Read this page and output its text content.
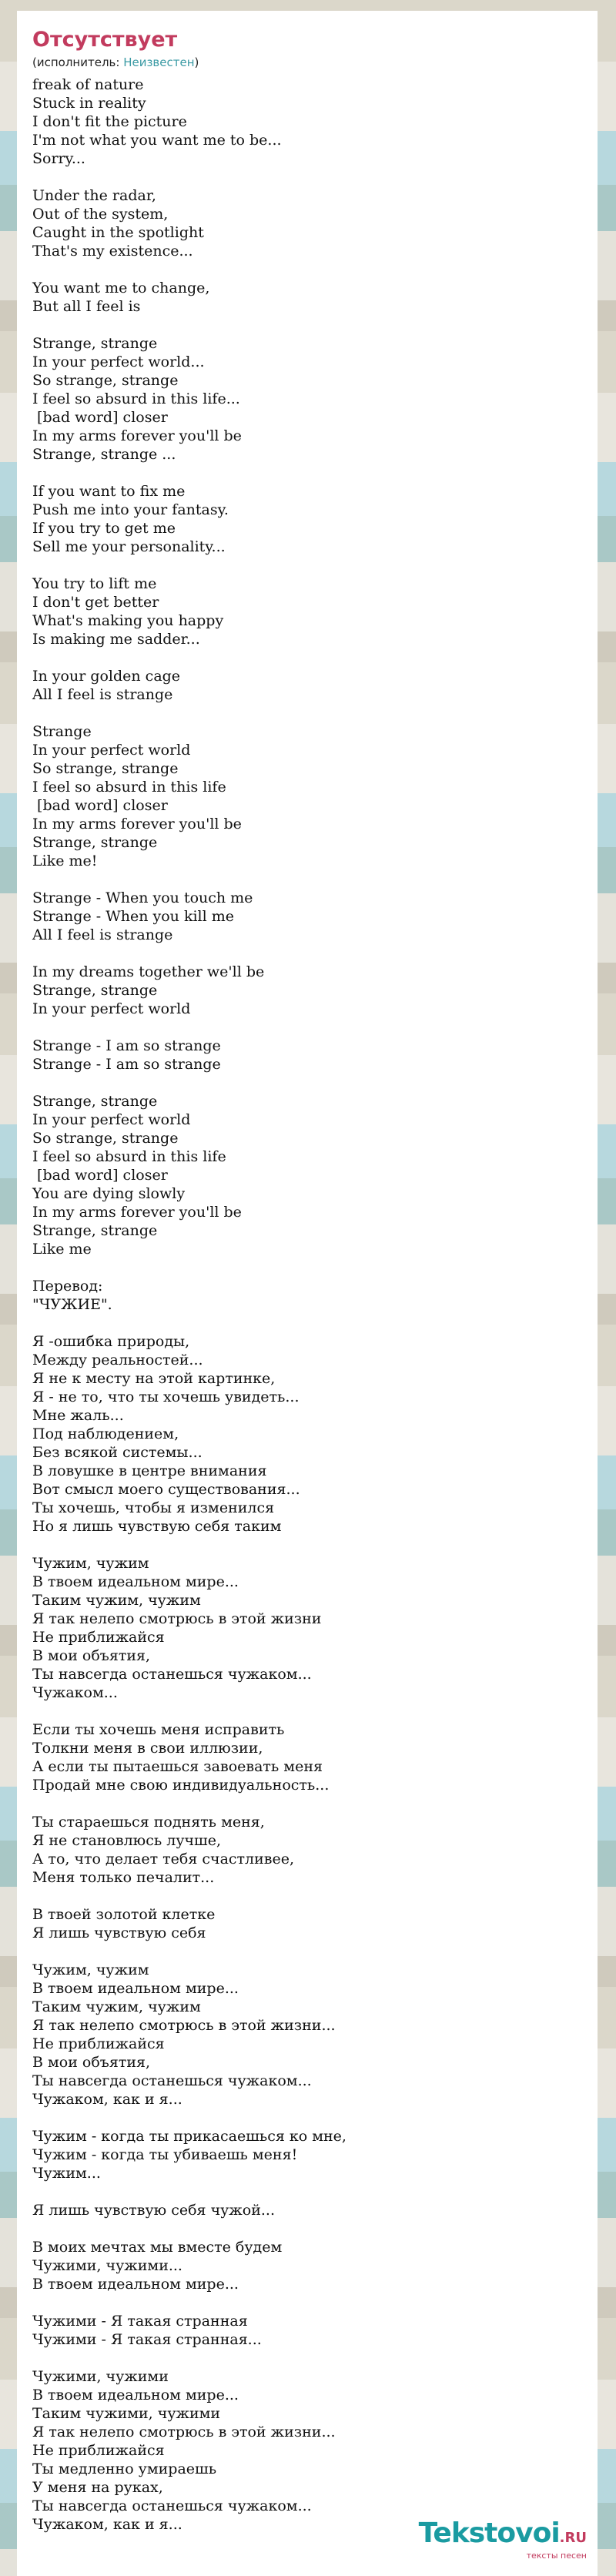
Отсутствует
(исполнитель: Неизвестен)
freak of nature
Stuck in reality
I don't fit the picture
I'm not what you want me to be...
Sorry...

Under the radar,
Out of the system,
Caught in the spotlight
That's my existence...

You want me to change,
But all I feel is

Strange, strange
In your perfect world...
So strange, strange
I feel so absurd in this life...
[bad word] closer
In my arms forever you'll be
Strange, strange ...

If you want to fix me
Push me into your fantasy.
If you try to get me
Sell me your personality...

You try to lift me
I don't get better
What's making you happy
Is making me sadder...

In your golden cage
All I feel is strange

Strange
In your perfect world
So strange, strange
I feel so absurd in this life
[bad word] closer
In my arms forever you'll be
Strange, strange
Like me!

Strange - When you touch me
Strange - When you kill me
All I feel is strange

In my dreams together we'll be
Strange, strange
In your perfect world

Strange - I am so strange
Strange - I am so strange

Strange, strange
In your perfect world
So strange, strange
I feel so absurd in this life
[bad word] closer
You are dying slowly
In my arms forever you'll be
Strange, strange
Like me

Перевод:
"ЧУЖИЕ".

Я -ошибка природы,
Между реальностей...
Я не к месту на этой картинке,
Я - не то, что ты хочешь увидеть...
Мне жаль...
Под наблюдением,
Без всякой системы...
В ловушке в центре внимания
Вот смысл моего существования...
Ты хочешь, чтобы я изменился
Но я лишь чувствую себя таким

Чужим, чужим
В твоем идеальном мире...
Таким чужим, чужим
Я так нелепо смотрюсь в этой жизни
Не приближайся
В мои объятия,
Ты навсегда останешься чужаком...
Чужаком...

Если ты хочешь меня исправить
Толкни меня в свои иллюзии,
А если ты пытаешься завоевать меня
Продай мне свою индивидуальность...

Ты стараешься поднять меня,
Я не становлюсь лучше,
А то, что делает тебя счастливее,
Меня только печалит...

В твоей золотой клетке
Я лишь чувствую себя

Чужим, чужим
В твоем идеальном мире...
Таким чужим, чужим
Я так нелепо смотрюсь в этой жизни...
Не приближайся
В мои объятия,
Ты навсегда останешься чужаком...
Чужаком, как и я...

Чужим - когда ты прикасаешься ко мне,
Чужим - когда ты убиваешь меня!
Чужим...

Я лишь чувствую себя чужой...

В моих мечтах мы вместе будем
Чужими, чужими...
В твоем идеальном мире...

Чужими - Я такая странная
Чужими - Я такая странная...

Чужими, чужими
В твоем идеальном мире...
Таким чужими, чужими
Я так нелепо смотрюсь в этой жизни...
Не приближайся
Ты медленно умираешь
У меня на руках,
Ты навсегда останешься чужаком...
Чужаком, как и я...	Tekstovoi.RU
тексты песен
